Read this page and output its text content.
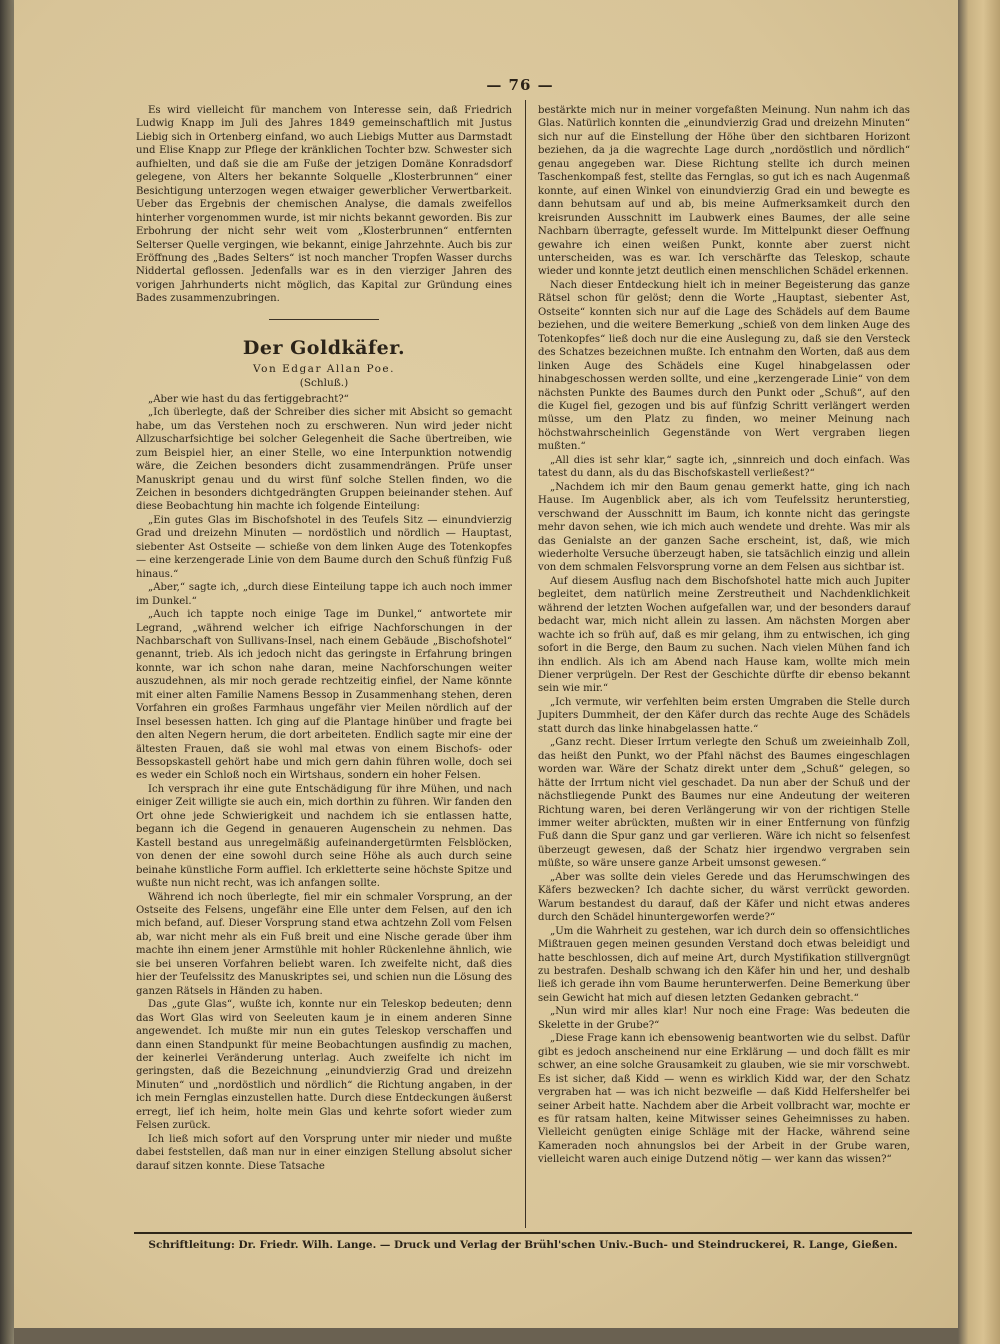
— 76 —

Es wird vielleicht für manchem von Interesse sein, daß Friedrich Ludwig Knapp im Juli des Jahres 1849 gemeinschaftlich mit Justus Liebig sich in Ortenberg einfand, wo auch Liebigs Mutter aus Darmstadt und Elise Knapp zur Pflege der kränklichen Tochter bzw. Schwester sich aufhielten, und daß sie die am Fuße der jetzigen Domäne Konradsdorf gelegene, von Alters her bekannte Solquelle „Klosterbrunnen“ einer Besichtigung unterzogen wegen etwaiger gewerblicher Verwertbarkeit. Ueber das Ergebnis der chemischen Analyse, die damals zweifellos hinterher vorgenommen wurde, ist mir nichts bekannt geworden. Bis zur Erbohrung der nicht sehr weit vom „Klosterbrunnen“ entfernten Selterser Quelle vergingen, wie bekannt, einige Jahrzehnte. Auch bis zur Eröffnung des „Bades Selters“ ist noch mancher Tropfen Wasser durchs Niddertal geflossen. Jedenfalls war es in den vierziger Jahren des vorigen Jahrhunderts nicht möglich, das Kapital zur Gründung eines Bades zusammenzubringen.

Der Goldkäfer.
Von Edgar Allan Poe.
(Schluß.)

„Aber wie hast du das fertiggebracht?“

„Ich überlegte, daß der Schreiber dies sicher mit Absicht so gemacht habe, um das Verstehen noch zu erschweren. Nun wird jeder nicht Allzuscharfsichtige bei solcher Gelegenheit die Sache übertreiben, wie zum Beispiel hier, an einer Stelle, wo eine Interpunktion notwendig wäre, die Zeichen besonders dicht zusammendrängen. Prüfe unser Manuskript genau und du wirst fünf solche Stellen finden, wo die Zeichen in besonders dichtgedrängten Gruppen beieinander stehen. Auf diese Beobachtung hin machte ich folgende Einteilung:

„Ein gutes Glas im Bischofshotel in des Teufels Sitz — einundvierzig Grad und dreizehn Minuten — nordöstlich und nördlich — Hauptast, siebenter Ast Ostseite — schieße von dem linken Auge des Totenkopfes — eine kerzengerade Linie von dem Baume durch den Schuß fünfzig Fuß hinaus.“

„Aber,“ sagte ich, „durch diese Einteilung tappe ich auch noch immer im Dunkel.“

„Auch ich tappte noch einige Tage im Dunkel,“ antwortete mir Legrand, „während welcher ich eifrige Nachforschungen in der Nachbarschaft von Sullivans-Insel, nach einem Gebäude „Bischofshotel“ genannt, trieb. Als ich jedoch nicht das geringste in Erfahrung bringen konnte, war ich schon nahe daran, meine Nachforschungen weiter auszudehnen, als mir noch gerade rechtzeitig einfiel, der Name könnte mit einer alten Familie Namens Bessop in Zusammenhang stehen, deren Vorfahren ein großes Farmhaus ungefähr vier Meilen nördlich auf der Insel besessen hatten. Ich ging auf die Plantage hinüber und fragte bei den alten Negern herum, die dort arbeiteten. Endlich sagte mir eine der ältesten Frauen, daß sie wohl mal etwas von einem Bischofs- oder Bessopskastell gehört habe und mich gern dahin führen wolle, doch sei es weder ein Schloß noch ein Wirtshaus, sondern ein hoher Felsen.

Ich versprach ihr eine gute Entschädigung für ihre Mühen, und nach einiger Zeit willigte sie auch ein, mich dorthin zu führen. Wir fanden den Ort ohne jede Schwierigkeit und nachdem ich sie entlassen hatte, begann ich die Gegend in genaueren Augenschein zu nehmen. Das Kastell bestand aus unregelmäßig aufeinandergetürmten Felsblöcken, von denen der eine sowohl durch seine Höhe als auch durch seine beinahe künstliche Form auffiel. Ich erkletterte seine höchste Spitze und wußte nun nicht recht, was ich anfangen sollte.

Während ich noch überlegte, fiel mir ein schmaler Vorsprung, an der Ostseite des Felsens, ungefähr eine Elle unter dem Felsen, auf den ich mich befand, auf. Dieser Vorsprung stand etwa achtzehn Zoll vom Felsen ab, war nicht mehr als ein Fuß breit und eine Nische gerade über ihm machte ihn einem jener Armstühle mit hohler Rückenlehne ähnlich, wie sie bei unseren Vorfahren beliebt waren. Ich zweifelte nicht, daß dies hier der Teufelssitz des Manuskriptes sei, und schien nun die Lösung des ganzen Rätsels in Händen zu haben.

Das „gute Glas“, wußte ich, konnte nur ein Teleskop bedeuten; denn das Wort Glas wird von Seeleuten kaum je in einem anderen Sinne angewendet. Ich mußte mir nun ein gutes Teleskop verschaffen und dann einen Standpunkt für meine Beobachtungen ausfindig zu machen, der keinerlei Veränderung unterlag. Auch zweifelte ich nicht im geringsten, daß die Bezeichnung „einundvierzig Grad und dreizehn Minuten“ und „nordöstlich und nördlich“ die Richtung angaben, in der ich mein Fernglas einzustellen hatte. Durch diese Entdeckungen äußerst erregt, lief ich heim, holte mein Glas und kehrte sofort wieder zum Felsen zurück.

Ich ließ mich sofort auf den Vorsprung unter mir nieder und mußte dabei feststellen, daß man nur in einer einzigen Stellung absolut sicher darauf sitzen konnte. Diese Tatsache

bestärkte mich nur in meiner vorgefaßten Meinung. Nun nahm ich das Glas. Natürlich konnten die „einundvierzig Grad und dreizehn Minuten“ sich nur auf die Einstellung der Höhe über den sichtbaren Horizont beziehen, da ja die wagrechte Lage durch „nordöstlich und nördlich“ genau angegeben war. Diese Richtung stellte ich durch meinen Taschenkompaß fest, stellte das Fernglas, so gut ich es nach Augenmaß konnte, auf einen Winkel von einundvierzig Grad ein und bewegte es dann behutsam auf und ab, bis meine Aufmerksamkeit durch den kreisrunden Ausschnitt im Laubwerk eines Baumes, der alle seine Nachbarn überragte, gefesselt wurde. Im Mittelpunkt dieser Oeffnung gewahre ich einen weißen Punkt, konnte aber zuerst nicht unterscheiden, was es war. Ich verschärfte das Teleskop, schaute wieder und konnte jetzt deutlich einen menschlichen Schädel erkennen.

Nach dieser Entdeckung hielt ich in meiner Begeisterung das ganze Rätsel schon für gelöst; denn die Worte „Hauptast, siebenter Ast, Ostseite“ konnten sich nur auf die Lage des Schädels auf dem Baume beziehen, und die weitere Bemerkung „schieß von dem linken Auge des Totenkopfes“ ließ doch nur die eine Auslegung zu, daß sie den Versteck des Schatzes bezeichnen mußte. Ich entnahm den Worten, daß aus dem linken Auge des Schädels eine Kugel hinabgelassen oder hinabgeschossen werden sollte, und eine „kerzengerade Linie“ von dem nächsten Punkte des Baumes durch den Punkt oder „Schuß“, auf den die Kugel fiel, gezogen und bis auf fünfzig Schritt verlängert werden müsse, um den Platz zu finden, wo meiner Meinung nach höchstwahrscheinlich Gegenstände von Wert vergraben liegen mußten.“

„All dies ist sehr klar,“ sagte ich, „sinnreich und doch einfach. Was tatest du dann, als du das Bischofskastell verließest?“

„Nachdem ich mir den Baum genau gemerkt hatte, ging ich nach Hause. Im Augenblick aber, als ich vom Teufelssitz herunterstieg, verschwand der Ausschnitt im Baum, ich konnte nicht das geringste mehr davon sehen, wie ich mich auch wendete und drehte. Was mir als das Genialste an der ganzen Sache erscheint, ist, daß, wie mich wiederholte Versuche überzeugt haben, sie tatsächlich einzig und allein von dem schmalen Felsvorsprung vorne an dem Felsen aus sichtbar ist.

Auf diesem Ausflug nach dem Bischofshotel hatte mich auch Jupiter begleitet, dem natürlich meine Zerstreutheit und Nachdenklichkeit während der letzten Wochen aufgefallen war, und der besonders darauf bedacht war, mich nicht allein zu lassen. Am nächsten Morgen aber wachte ich so früh auf, daß es mir gelang, ihm zu entwischen, ich ging sofort in die Berge, den Baum zu suchen. Nach vielen Mühen fand ich ihn endlich. Als ich am Abend nach Hause kam, wollte mich mein Diener verprügeln. Der Rest der Geschichte dürfte dir ebenso bekannt sein wie mir.“

„Ich vermute, wir verfehlten beim ersten Umgraben die Stelle durch Jupiters Dummheit, der den Käfer durch das rechte Auge des Schädels statt durch das linke hinabgelassen hatte.“

„Ganz recht. Dieser Irrtum verlegte den Schuß um zweieinhalb Zoll, das heißt den Punkt, wo der Pfahl nächst des Baumes eingeschlagen worden war. Wäre der Schatz direkt unter dem „Schuß“ gelegen, so hätte der Irrtum nicht viel geschadet. Da nun aber der Schuß und der nächstliegende Punkt des Baumes nur eine Andeutung der weiteren Richtung waren, bei deren Verlängerung wir von der richtigen Stelle immer weiter abrückten, mußten wir in einer Entfernung von fünfzig Fuß dann die Spur ganz und gar verlieren. Wäre ich nicht so felsenfest überzeugt gewesen, daß der Schatz hier irgendwo vergraben sein müßte, so wäre unsere ganze Arbeit umsonst gewesen.“

„Aber was sollte dein vieles Gerede und das Herumschwingen des Käfers bezwecken? Ich dachte sicher, du wärst verrückt geworden. Warum bestandest du darauf, daß der Käfer und nicht etwas anderes durch den Schädel hinuntergeworfen werde?“

„Um die Wahrheit zu gestehen, war ich durch dein so offensichtliches Mißtrauen gegen meinen gesunden Verstand doch etwas beleidigt und hatte beschlossen, dich auf meine Art, durch Mystifikation stillvergnügt zu bestrafen. Deshalb schwang ich den Käfer hin und her, und deshalb ließ ich gerade ihn vom Baume herunterwerfen. Deine Bemerkung über sein Gewicht hat mich auf diesen letzten Gedanken gebracht.“

„Nun wird mir alles klar! Nur noch eine Frage: Was bedeuten die Skelette in der Grube?“

„Diese Frage kann ich ebensowenig beantworten wie du selbst. Dafür gibt es jedoch anscheinend nur eine Erklärung — und doch fällt es mir schwer, an eine solche Grausamkeit zu glauben, wie sie mir vorschwebt. Es ist sicher, daß Kidd — wenn es wirklich Kidd war, der den Schatz vergraben hat — was ich nicht bezweifle — daß Kidd Helfershelfer bei seiner Arbeit hatte. Nachdem aber die Arbeit vollbracht war, mochte er es für ratsam halten, keine Mitwisser seines Geheimnisses zu haben. Vielleicht genügten einige Schläge mit der Hacke, während seine Kameraden noch ahnungslos bei der Arbeit in der Grube waren, vielleicht waren auch einige Dutzend nötig — wer kann das wissen?“

Schriftleitung: Dr. Friedr. Wilh. Lange. — Druck und Verlag der Brühl'schen Univ.-Buch- und Steindruckerei, R. Lange, Gießen.
